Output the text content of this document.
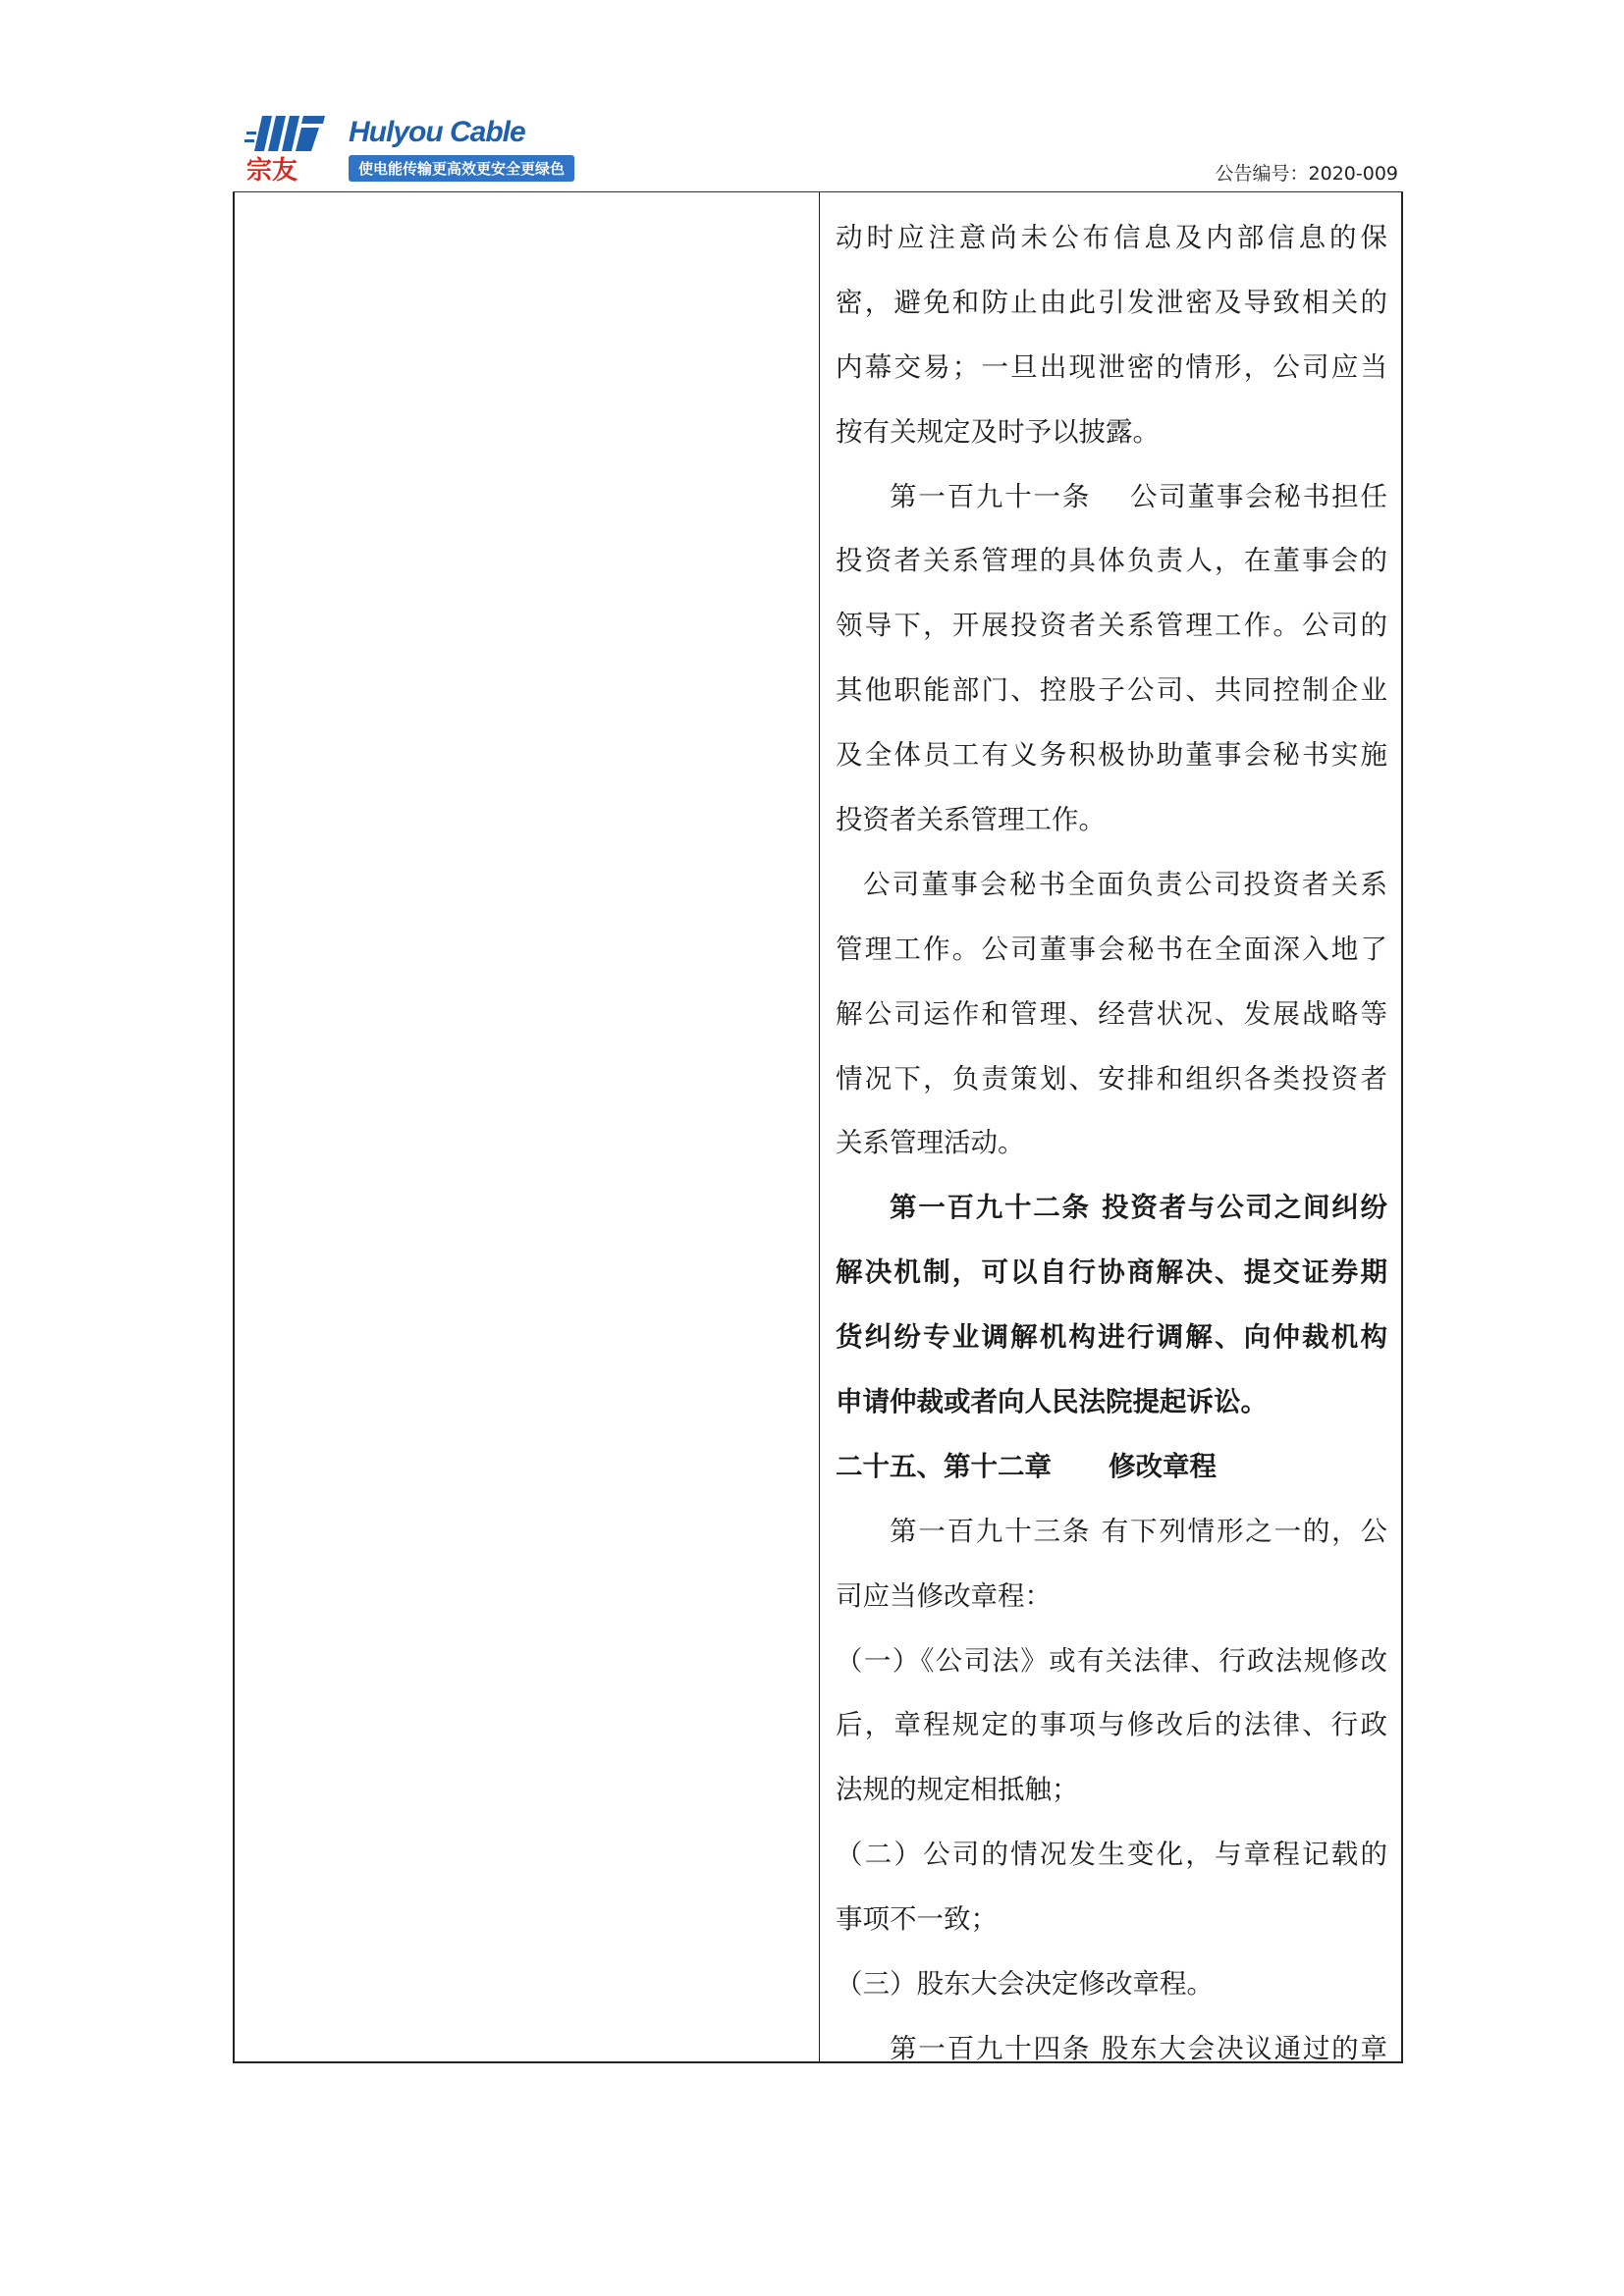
宗友
Hulyou Cable
使电能传输更高效更安全更绿色	公告编号：2020-009
动时应注意尚未公布信息及内部信息的保
密，避免和防止由此引发泄密及导致相关的
内幕交易；一旦出现泄密的情形，公司应当
按有关规定及时予以披露。
第一百九十一条 公司董事会秘书担任
投资者关系管理的具体负责人，在董事会的
领导下，开展投资者关系管理工作。公司的
其他职能部门、控股子公司、共同控制企业
及全体员工有义务积极协助董事会秘书实施
投资者关系管理工作。
公司董事会秘书全面负责公司投资者关系
管理工作。公司董事会秘书在全面深入地了
解公司运作和管理、经营状况、发展战略等
情况下，负责策划、安排和组织各类投资者
关系管理活动。
第一百九十二条 投资者与公司之间纠纷
解决机制，可以自行协商解决、提交证券期
货纠纷专业调解机构进行调解、向仲裁机构
申请仲裁或者向人民法院提起诉讼。
二十五、第十二章 修改章程
第一百九十三条 有下列情形之一的，公
司应当修改章程：
（一）《公司法》或有关法律、行政法规修改
后，章程规定的事项与修改后的法律、行政
法规的规定相抵触；
（二）公司的情况发生变化，与章程记载的
事项不一致；
（三）股东大会决定修改章程。
第一百九十四条 股东大会决议通过的章
